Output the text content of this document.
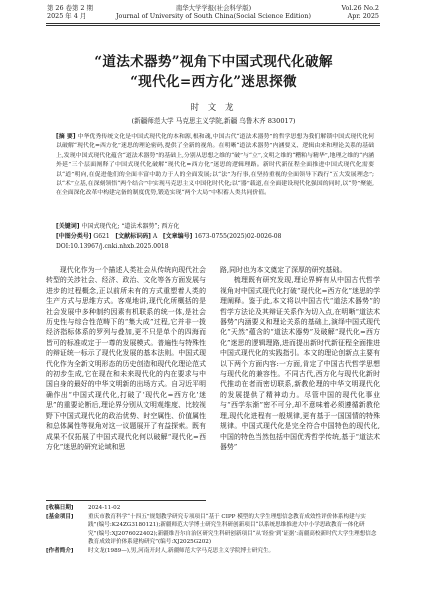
第 26 卷第 2 期
2025 年 4 月
南华大学学报(社会科学版)
Journal of University of South China(Social Science Edition)
Vol.26 No.2
Apr. 2025
“道法术器势”视角下中国式现代化破解
“现代化=西方化”迷思探微
时 文 龙
(新疆师范大学 马克思主义学院,新疆 乌鲁木齐 830017)
[摘 要] 中华优秀传统文化是中国式现代化的本和源,根和魂,中国古代“道法术器势”的哲学思想为我们解锁中国式现代化何以破解“现代化=西方化”迷思的理论密码,提供了全新的视角。在明晰“道法术器势”内涵要义、逻辑由来和理论关系的基础上,发现中国式现代化蕴含“道法术器势”的基础上,分别从思想之维的“破”与“立”,文明之维的“糟粕与精华”,地理之维的“内涵外延”三个层面阐释了中国式现代化破解“现代化=西方化”迷思的逻辑理路。新时代新征程全面推进中国式现代化需要以“道”明向,在促进他们的全面丰富中助力于人的全面发展;以“法”为行事,在坚持重视的全面领导下践行“五大发展理念”;以“术”立基,在深刻领悟“两个结合”中实现马克思主义中国化时代化;以“器”载道,在全面建设现代化强国的同时,以“势”聚能,在全面深化改革中构建完备的制度优势,锻造实现“两个大局”中积蓄人类共同价值。
[关键词] 中国式现代化; “道法术器势”; 西方化
[中图分类号] G621 [文献标识码] A [文章编号] 1673-0755(2025)02-0026-08
DOI:10.13967/j.cnki.nhxb.2025.0018

现代化作为一个描述人类社会从传统向现代社会转型的关涉社会、经济、政治、文化等各方面发展与进步的过程概念,正以前所未有的方式重塑着人类的生产方式与思维方式。客观地讲,现代化所概括的是社会发展中多种制约因素有机联系的统一体,是社会历史性与综合性范畴下的“集大成”过程,它并非一拨经济指标体系的罗列与叠加,更不只是单个的四海而皆可的标准或定于一尊的发展模式。普遍性与特殊性的辩证统一标示了现代化发展的基本法则。中国式现代化作为全新文明形态的历史创造和现代化理论范式的初步生成,它在现在和未来现代化的内在要求与中国自身的最好的中华文明新的出场方式。自习近平明确作出“中国式现代化,打破了‘现代化=西方化’迷思”的重要论断后,理论界分别从文明观维度、比较视野下中国式现代化的政治优势、时空属性、价值属性和总体属性等视角对这一议题展开了有益探索。既有成果不仅拓展了中国式现代化何以破解“现代化=西方化”迷思的研究论域和思

路,同时也为本文奠定了深厚的研究基础。

梳理既有研究发现,理论界鲜有从中国古代哲学视角对中国式现代化打破“现代化=西方化”迷思的学理阐释。鉴于此,本文将以中国古代“道法术器势”的哲学方法论及其辩证关系作为切入点,在明晰“道法术器势”内涵要义和理论关系的基础上,演绎中国式现代化“天然”蕴含的“道法术器势”及破解“现代化=西方化”迷思的逻辑理路,进而提出新时代新征程全面推进中国式现代化的实践指引。本文的理论创新点主要有以下两个方面内容:一方面,肯定了中国古代哲学思想与现代化的兼容性。不同古代,西方化与现代化新时代推动在者而密切联系,新教伦理的中华文明现代化的发展提供了精神动力。尽管中国的现代化事业与“西学东渐”密不可分,却不意味着必须遵循新教伦理,现代化进程有一般规律,更有基于一国国情的特殊规律。中国式现代化是完全符合中国特色的现代化,中国的特色当然包括中国优秀哲学传统,基于“道法术器势”

[收稿日期]	2024-11-02
[基金项目]	重庆市教育科学“十四五”规划教学研究专项项目“基于 CIPP 模型的大学生理想信念教育成效性评价体系构建与实践”(编号:K24ZG3180121);新疆师范大学博士研究生科研创新项目“以系统思维推进大中小学思政教育一体化研究”(编号:XJ2076022402);新疆维吾尔自治区研究生科研创新项目“从‘经验’到‘证据’:南疆高校新时代大学生理想信念教育成效评价体系建构研究”(编号:XJ2025G202)
[作者简介]	时文龙(1989—),男,河南开封人,新疆师范大学马克思主义学院博士研究生。
